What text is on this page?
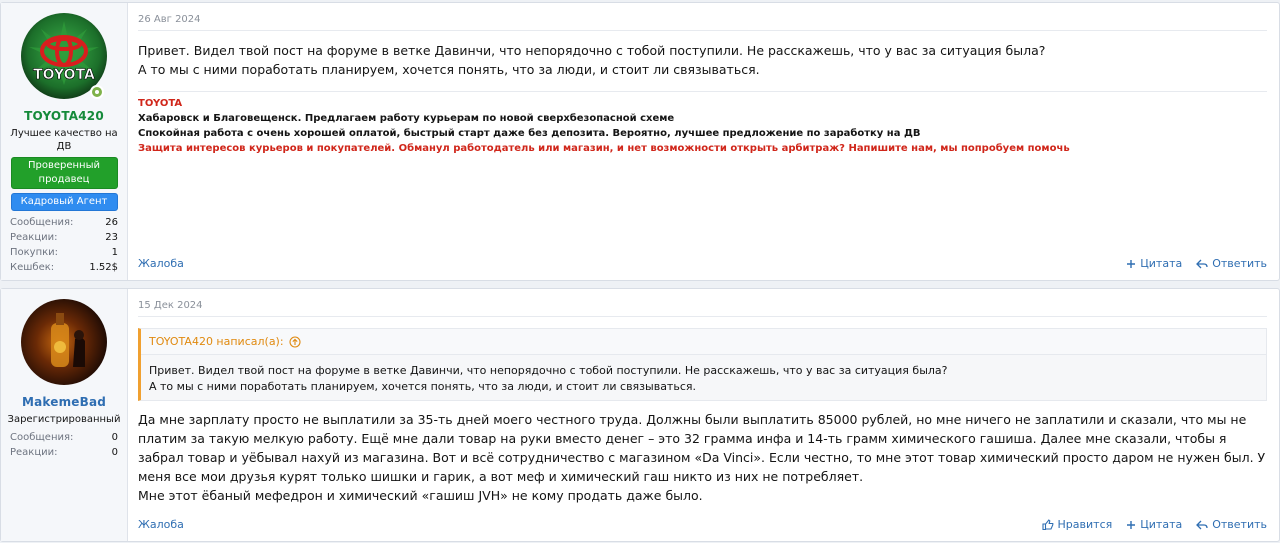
TOYOTA
TOYOTA420
Лучшее качество на ДВ
Проверенный продавец
Кадровый Агент
Сообщения:	26
Реакции:	23
Покупки:	1
Кешбек:	1.52$
26 Авг 2024
Привет. Видел твой пост на форуме в ветке Давинчи, что непорядочно с тобой поступили. Не расскажешь, что у вас за ситуация была?
А то мы с ними поработать планируем, хочется понять, что за люди, и стоит ли связываться.
TOYOTA
Хабаровск и Благовещенск. Предлагаем работу курьерам по новой сверхбезопасной схеме
Спокойная работа с очень хорошей оплатой, быстрый старт даже без депозита. Вероятно, лучшее предложение по заработку на ДВ
Защита интересов курьеров и покупателей. Обманул работодатель или магазин, и нет возможности открыть арбитраж? Напишите нам, мы попробуем помочь
Жалоба	Цитата	Ответить
MakemeBad
Зарегистрированный
Сообщения:	0
Реакции:	0
15 Дек 2024
TOYOTA420 написал(а):
Привет. Видел твой пост на форуме в ветке Давинчи, что непорядочно с тобой поступили. Не расскажешь, что у вас за ситуация была?
А то мы с ними поработать планируем, хочется понять, что за люди, и стоит ли связываться.
Да мне зарплату просто не выплатили за 35-ть дней моего честного труда. Должны были выплатить 85000 рублей, но мне ничего не заплатили и сказали, что мы не платим за такую мелкую работу. Ещё мне дали товар на руки вместо денег – это 32 грамма инфа и 14-ть грамм химического гашиша. Далее мне сказали, чтобы я забрал товар и уёбывал нахуй из магазина. Вот и всё сотрудничество с магазином «Da Vinci». Если честно, то мне этот товар химический просто даром не нужен был. У меня все мои друзья курят только шишки и гарик, а вот меф и химический гаш никто из них не потребляет.
Мне этот ёбаный мефедрон и химический «гашиш JVH» не кому продать даже было.
Жалоба	Нравится	Цитата	Ответить
